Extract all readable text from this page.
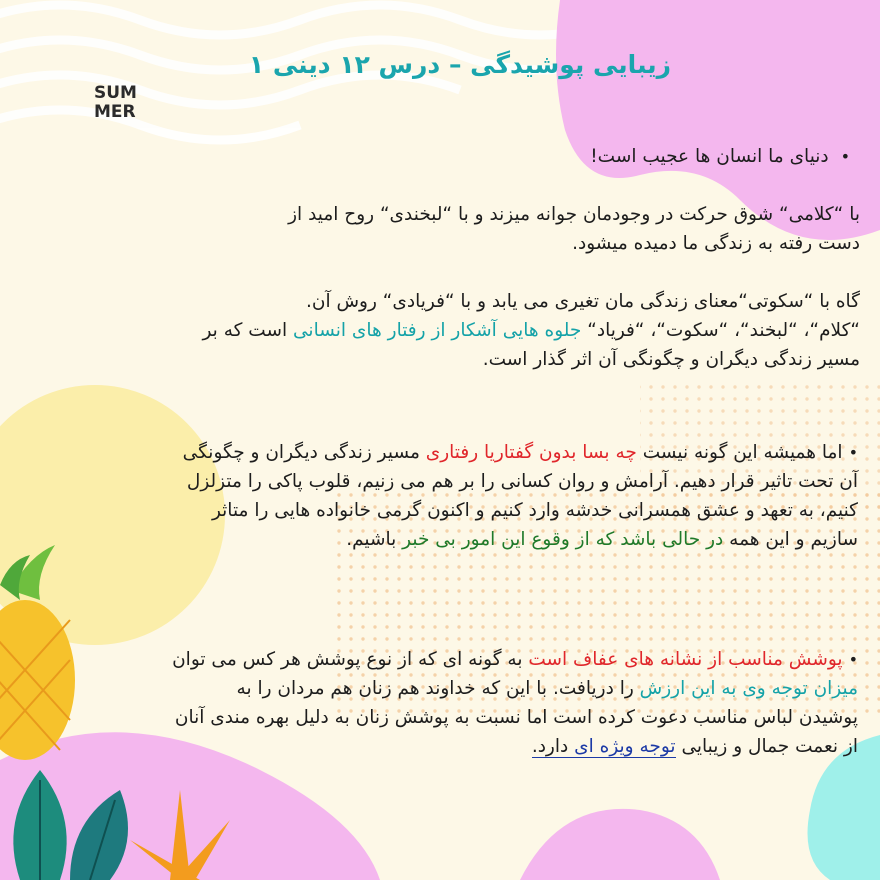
زیبایی پوشیدگی – درس ۱۲ دینی ۱
SUM
MER
• دنیای ما انسان ها عجیب است!
با “کلامی“ شوق حرکت در وجودمان جوانه میزند و با “لبخندی“ روح امید از
دست رفته به زندگی ما دمیده میشود.
گاه با “سکوتی“معنای زندگی مان تغیری می یابد و با “فریادی“ روش آن.
“کلام“، “لبخند“، “سکوت“، “فریاد“ جلوه هایی آشکار از رفتار های انسانی است که بر
مسیر زندگی دیگران و چگونگی آن اثر گذار است.
•اما همیشه این گونه نیست چه بسا بدون گفتاریا رفتاری مسیر زندگی دیگران و چگونگی
آن تحت تاثیر قرار دهیم. آرامش و روان کسانی را بر هم می زنیم، قلوب پاکی را متزلزل
کنیم، به تعهد و عشق همسرانی خدشه وارد کنیم و اکنون گرمی خانواده هایی را متاثر
سازیم و این همه در حالی باشد که از وقوع این امور بی خبر باشیم.
•پوشش مناسب از نشانه های عفاف است به گونه ای که از نوع پوشش هر کس می توان
میزان توجه وی به این ارزش را دریافت. با این که خداوند هم زنان هم مردان را به
پوشیدن لباس مناسب دعوت کرده است اما نسبت به پوشش زنان به دلیل بهره مندی آنان
از نعمت جمال و زیبایی توجه ویژه ای دارد.
